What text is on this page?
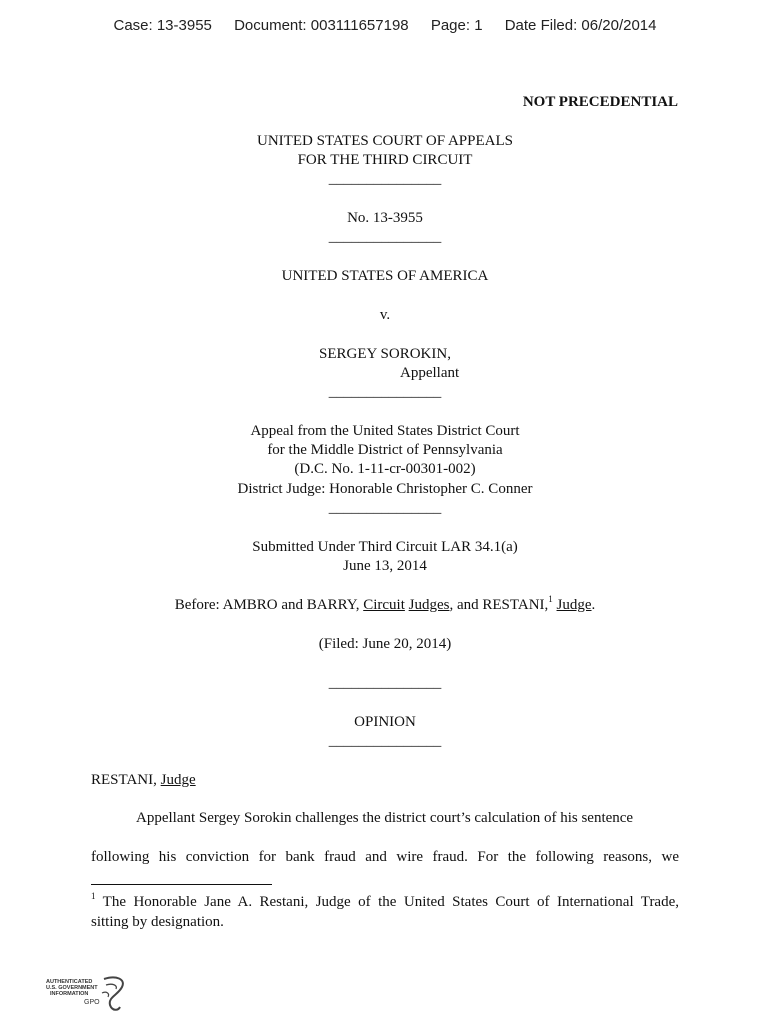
Case: 13-3955 Document: 003111657198 Page: 1 Date Filed: 06/20/2014
NOT PRECEDENTIAL
UNITED STATES COURT OF APPEALS
FOR THE THIRD CIRCUIT
_______________
No. 13-3955
_______________
UNITED STATES OF AMERICA
v.
SERGEY SOROKIN,
Appellant
_______________
Appeal from the United States District Court
for the Middle District of Pennsylvania
(D.C. No. 1-11-cr-00301-002)
District Judge: Honorable Christopher C. Conner
_______________
Submitted Under Third Circuit LAR 34.1(a)
June 13, 2014
Before: AMBRO and BARRY, Circuit Judges, and RESTANI,$^1$ Judge.
(Filed: June 20, 2014)
_______________
OPINION
_______________
RESTANI, Judge
Appellant Sergey Sorokin challenges the district court’s calculation of his sentence
following his conviction for bank fraud and wire fraud. For the following reasons, we
$^1$ The Honorable Jane A. Restani, Judge of the United States Court of International Trade,
sitting by designation.
AUTHENTICATED
U.S. GOVERNMENT
INFORMATION
GPO
